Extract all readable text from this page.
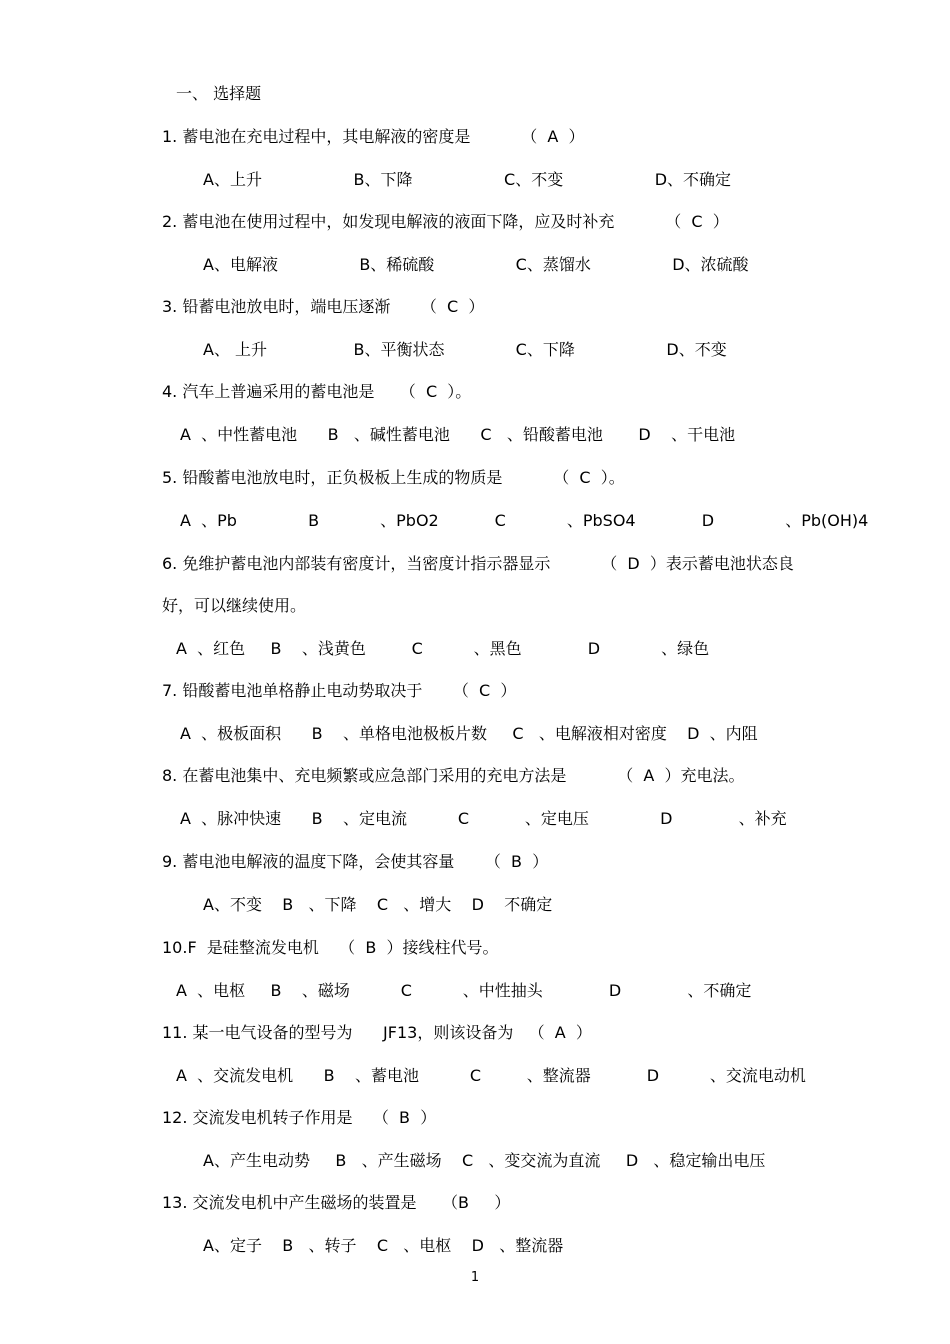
一、 选择题
1. 蓄电池在充电过程中，其电解液的密度是          （  A  ）
A、上升                  B、下降                  C、不变                  D、不确定
2. 蓄电池在使用过程中，如发现电解液的液面下降，应及时补充          （  C  ）
A、电解液                B、稀硫酸                C、蒸馏水                D、浓硫酸
3. 铅蓄电池放电时，端电压逐渐      （  C  ）
A、 上升                 B、平衡状态              C、下降                  D、不变
4. 汽车上普遍采用的蓄电池是     （  C  ）。
A  、中性蓄电池      B   、碱性蓄电池      C   、铅酸蓄电池       D    、干电池
5. 铅酸蓄电池放电时，正负极板上生成的物质是          （  C  ）。
A  、Pb              B            、PbO2           C            、PbSO4             D              、Pb(OH)4
6. 免维护蓄电池内部装有密度计，当密度计指示器显示          （  D  ）表示蓄电池状态良
好，可以继续使用。
A  、红色     B    、浅黄色         C          、黑色             D            、绿色
7. 铅酸蓄电池单格静止电动势取决于      （  C  ）
A  、极板面积      B    、单格电池极板片数     C   、电解液相对密度    D  、内阻
8. 在蓄电池集中、充电频繁或应急部门采用的充电方法是          （  A  ）充电法。
A  、脉冲快速      B    、定电流          C           、定电压              D             、补充
9. 蓄电池电解液的温度下降，会使其容量      （  B  ）
A、不变    B   、下降    C   、增大    D    不确定
10.F  是硅整流发电机    （  B  ）接线柱代号。
A  、电枢     B    、磁场          C          、中性抽头             D             、不确定
11. 某一电气设备的型号为      JF13，则该设备为   （  A  ）
A  、交流发电机      B    、蓄电池          C         、整流器           D          、交流电动机
12. 交流发电机转子作用是    （  B  ）
A、产生电动势     B   、产生磁场    C   、变交流为直流     D   、稳定输出电压
13. 交流发电机中产生磁场的装置是     （B     ）
A、定子    B   、转子    C   、电枢    D   、整流器
1
